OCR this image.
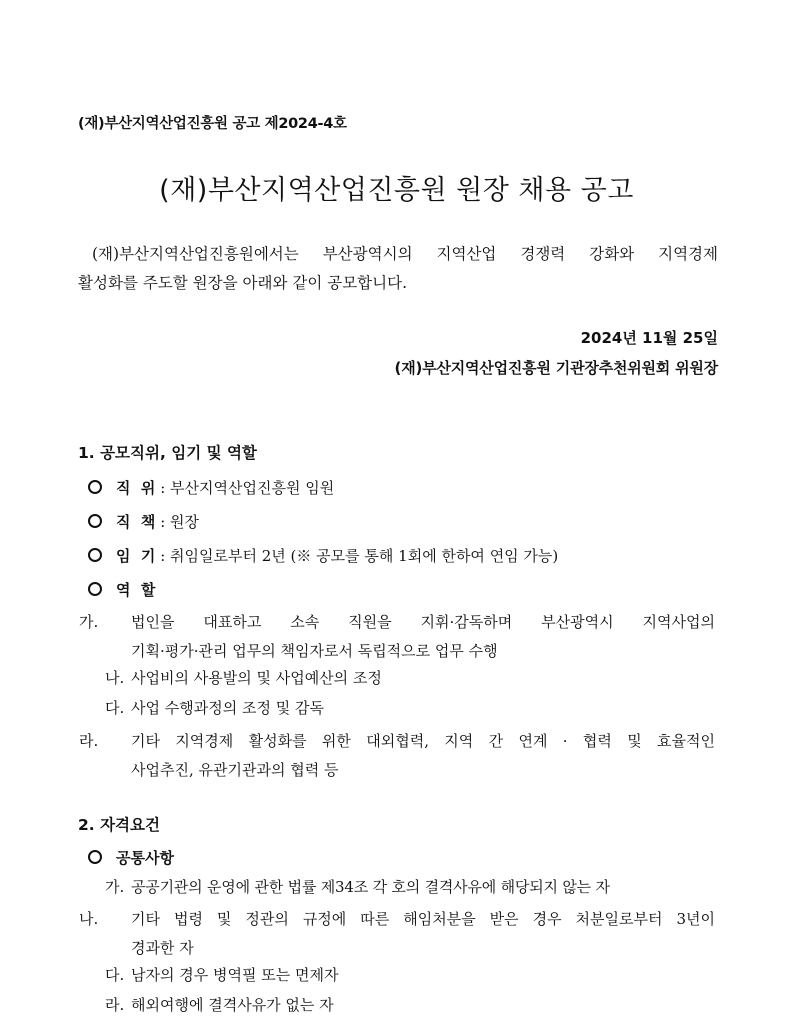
(재)부산지역산업진흥원 공고 제2024-4호
(재)부산지역산업진흥원 원장 채용 공고
(재)부산지역산업진흥원에서는 부산광역시의 지역산업 경쟁력 강화와 지역경제
활성화를 주도할 원장을 아래와 같이 공모합니다.
2024년 11월 25일
(재)부산지역산업진흥원 기관장추천위원회 위원장
1. 공모직위, 임기 및 역할
직  위 : 부산지역산업진흥원 임원
직  책 : 원장
임  기 : 취임일로부터 2년 (※ 공모를 통해 1회에 한하여 연임 가능)
역  할
가. 법인을 대표하고 소속 직원을 지휘·감독하며 부산광역시 지역사업의
기획·평가·관리 업무의 책임자로서 독립적으로 업무 수행
나. 사업비의 사용발의 및 사업예산의 조정
다. 사업 수행과정의 조정 및 감독
라. 기타 지역경제 활성화를 위한 대외협력, 지역 간 연계 · 협력 및 효율적인
사업추진, 유관기관과의 협력 등
2. 자격요건
공통사항
가. 공공기관의 운영에 관한 법률 제34조 각 호의 결격사유에 해당되지 않는 자
나. 기타 법령 및 정관의 규정에 따른 해임처분을 받은 경우 처분일로부터 3년이
경과한 자
다. 남자의 경우 병역필 또는 면제자
라. 해외여행에 결격사유가 없는 자
